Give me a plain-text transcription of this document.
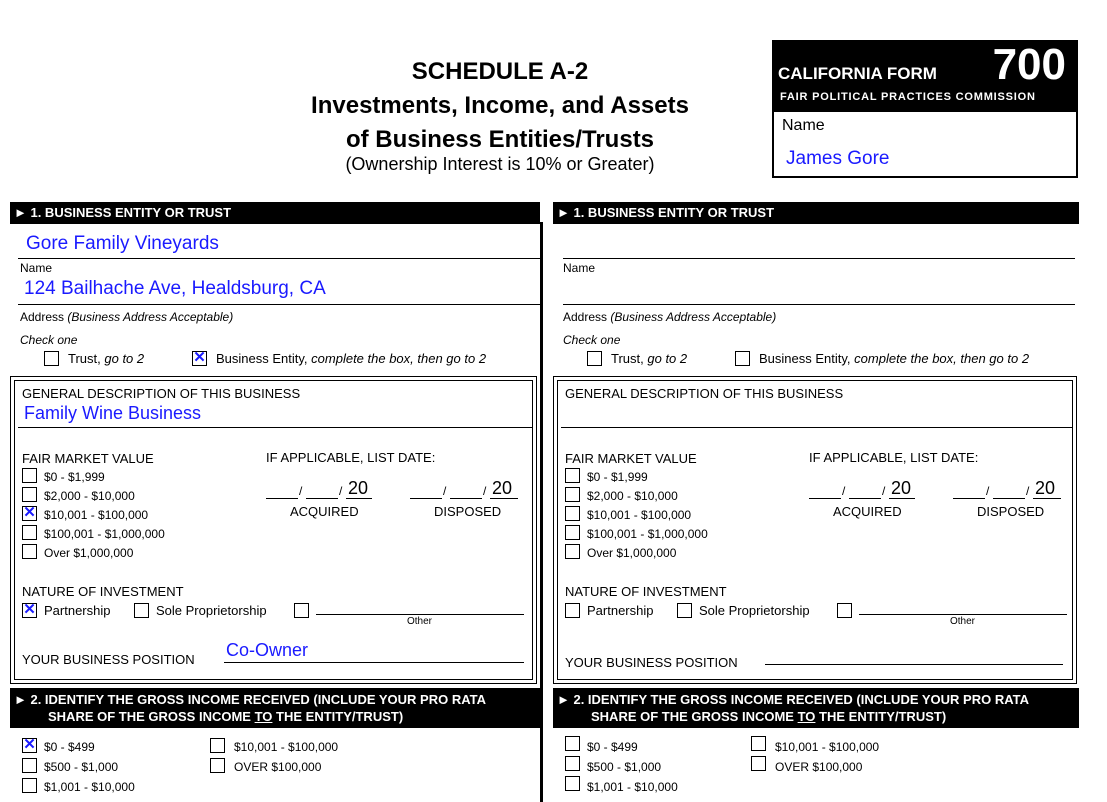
SCHEDULE A-2
Investments, Income, and Assets
of Business Entities/Trusts
(Ownership Interest is 10% or Greater)
CALIFORNIA FORM 700
FAIR POLITICAL PRACTICES COMMISSION
Name
James Gore
► 1. BUSINESS ENTITY OR TRUST
Gore Family Vineyards
Name
124 Bailhache Ave, Healdsburg, CA
Address (Business Address Acceptable)
Check one
Trust, go to 2	✕ Business Entity, complete the box, then go to 2
GENERAL DESCRIPTION OF THIS BUSINESS
Family Wine Business
FAIR MARKET VALUE	IF APPLICABLE, LIST DATE:
$0 - $1,999
$2,000 - $10,000
✕ $10,001 - $100,000
$100,001 - $1,000,000
Over $1,000,000
/	/ 20
ACQUIRED
/	/ 20
DISPOSED
NATURE OF INVESTMENT
✕ Partnership	Sole Proprietorship
Other
YOUR BUSINESS POSITION Co-Owner
► 2. IDENTIFY THE GROSS INCOME RECEIVED (INCLUDE YOUR PRO RATA
SHARE OF THE GROSS INCOME TO THE ENTITY/TRUST)
✕ $0 - $499
$500 - $1,000
$1,001 - $10,000
$10,001 - $100,000
OVER $100,000
► 1. BUSINESS ENTITY OR TRUST
Name
Address (Business Address Acceptable)
Check one
Trust, go to 2	Business Entity, complete the box, then go to 2
GENERAL DESCRIPTION OF THIS BUSINESS
FAIR MARKET VALUE	IF APPLICABLE, LIST DATE:
$0 - $1,999
$2,000 - $10,000
$10,001 - $100,000
$100,001 - $1,000,000
Over $1,000,000
/	/ 20
ACQUIRED
/	/ 20
DISPOSED
NATURE OF INVESTMENT
Partnership	Sole Proprietorship
Other
YOUR BUSINESS POSITION
► 2. IDENTIFY THE GROSS INCOME RECEIVED (INCLUDE YOUR PRO RATA
SHARE OF THE GROSS INCOME TO THE ENTITY/TRUST)
$0 - $499
$500 - $1,000
$1,001 - $10,000
$10,001 - $100,000
OVER $100,000
